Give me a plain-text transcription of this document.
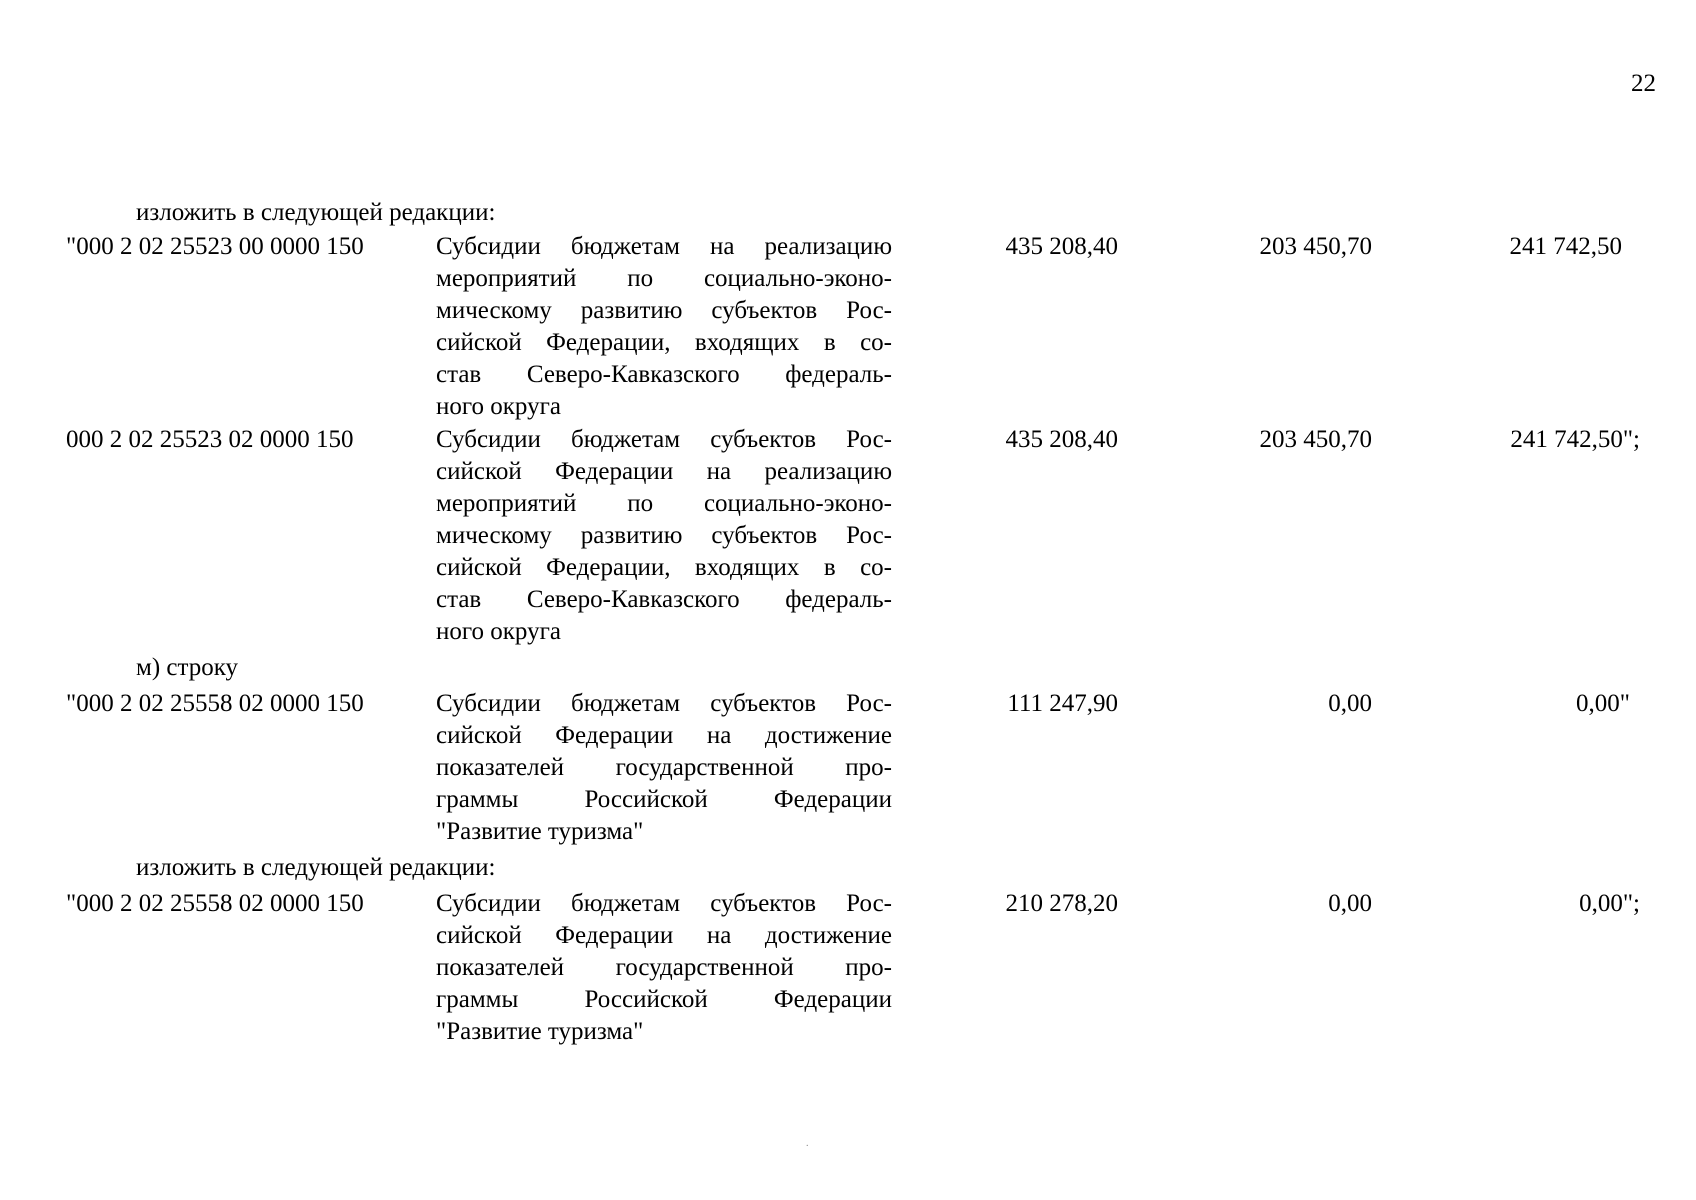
22
изложить в следующей редакции:
"000 2 02 25523 00 0000 150	Субсидии бюджетам на реализацию
мероприятий по социально-эконо-
мическому развитию субъектов Рос-
сийской Федерации, входящих в со-
став Северо-Кавказского федераль-
ного округа
435 208,40	203 450,70	241 742,50
000 2 02 25523 02 0000 150	Субсидии бюджетам субъектов Рос-
сийской Федерации на реализацию
мероприятий по социально-эконо-
мическому развитию субъектов Рос-
сийской Федерации, входящих в со-
став Северо-Кавказского федераль-
ного округа
435 208,40	203 450,70	241 742,50";
м) строку
"000 2 02 25558 02 0000 150	Субсидии бюджетам субъектов Рос-
сийской Федерации на достижение
показателей государственной про-
граммы Российской Федерации
"Развитие туризма"
111 247,90	0,00	0,00"
изложить в следующей редакции:
"000 2 02 25558 02 0000 150	Субсидии бюджетам субъектов Рос-
сийской Федерации на достижение
показателей государственной про-
граммы Российской Федерации
"Развитие туризма"
210 278,20	0,00	0,00";
.
